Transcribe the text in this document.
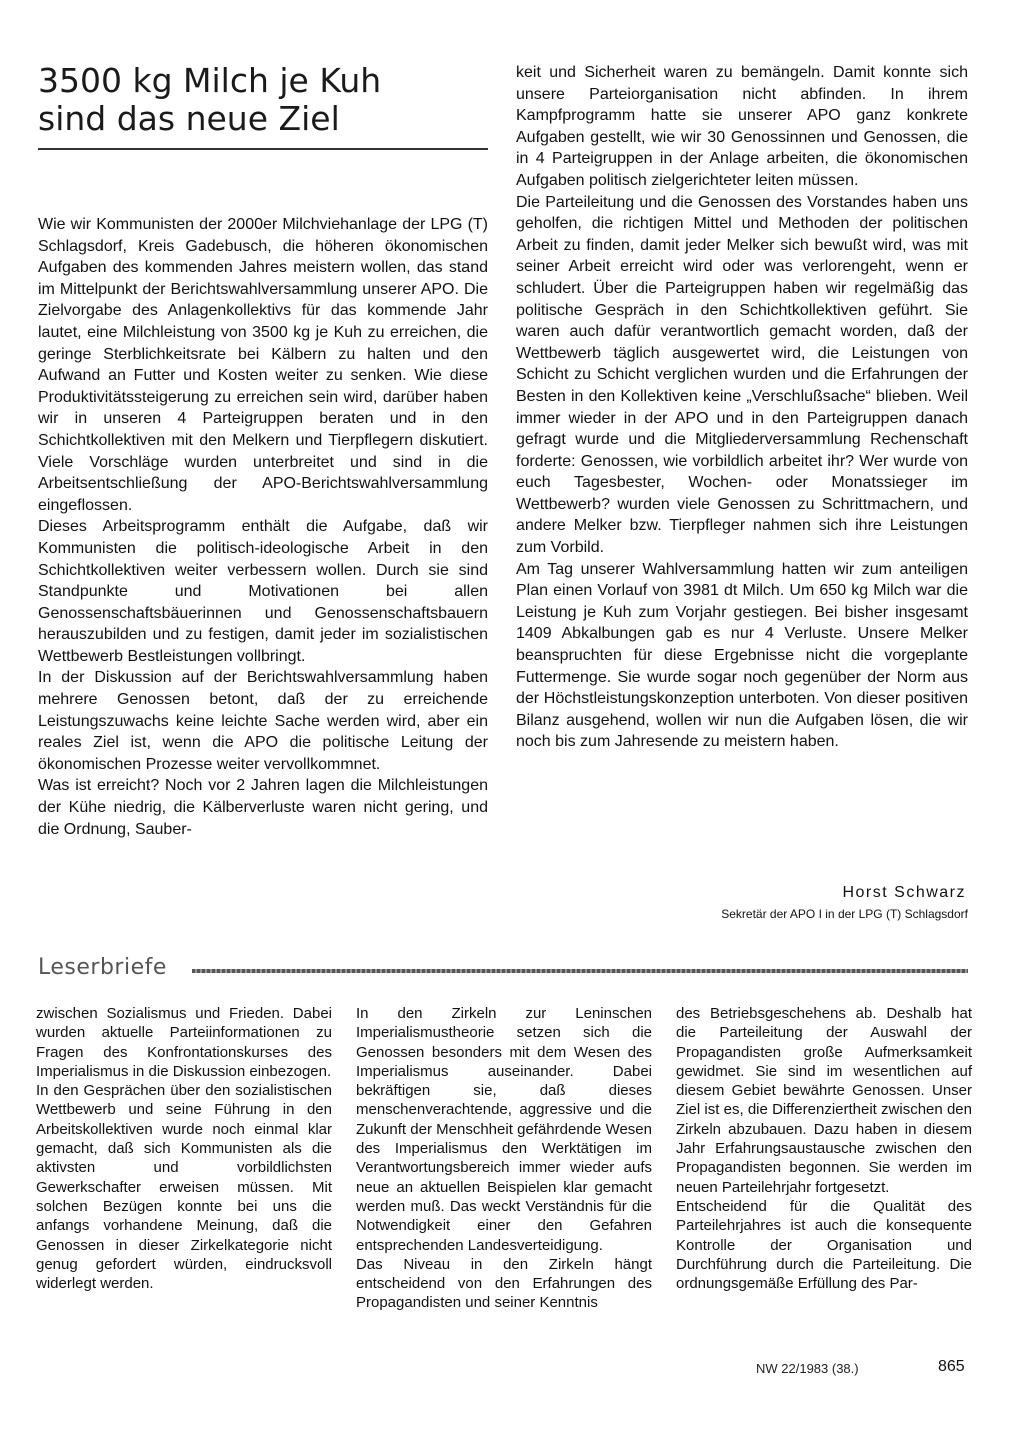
3500 kg Milch je Kuh
sind das neue Ziel

Wie wir Kommunisten der 2000er Milchviehanlage der LPG (T) Schlagsdorf, Kreis Gadebusch, die höheren ökonomischen Aufgaben des kommenden Jahres meistern wollen, das stand im Mittelpunkt der Berichtswahlversammlung unserer APO. Die Zielvorgabe des Anlagenkollektivs für das kommende Jahr lautet, eine Milchleistung von 3500 kg je Kuh zu erreichen, die geringe Sterblichkeitsrate bei Kälbern zu halten und den Aufwand an Futter und Kosten weiter zu senken. Wie diese Produktivitätssteigerung zu erreichen sein wird, darüber haben wir in unseren 4 Parteigruppen beraten und in den Schichtkollektiven mit den Melkern und Tierpflegern diskutiert. Viele Vorschläge wurden unterbreitet und sind in die Arbeitsentschließung der APO-Berichtswahlversammlung eingeflossen.

Dieses Arbeitsprogramm enthält die Aufgabe, daß wir Kommunisten die politisch-ideologische Arbeit in den Schichtkollektiven weiter verbessern wollen. Durch sie sind Standpunkte und Motivationen bei allen Genossenschaftsbäuerinnen und Genossenschaftsbauern herauszubilden und zu festigen, damit jeder im sozialistischen Wettbewerb Bestleistungen vollbringt.

In der Diskussion auf der Berichtswahlversammlung haben mehrere Genossen betont, daß der zu erreichende Leistungszuwachs keine leichte Sache werden wird, aber ein reales Ziel ist, wenn die APO die politische Leitung der ökonomischen Prozesse weiter vervollkommnet.

Was ist erreicht? Noch vor 2 Jahren lagen die Milchleistungen der Kühe niedrig, die Kälberverluste waren nicht gering, und die Ordnung, Sauber-

keit und Sicherheit waren zu bemängeln. Damit konnte sich unsere Parteiorganisation nicht abfinden. In ihrem Kampfprogramm hatte sie unserer APO ganz konkrete Aufgaben gestellt, wie wir 30 Genossinnen und Genossen, die in 4 Parteigruppen in der Anlage arbeiten, die ökonomischen Aufgaben politisch zielgerichteter leiten müssen.

Die Parteileitung und die Genossen des Vorstandes haben uns geholfen, die richtigen Mittel und Methoden der politischen Arbeit zu finden, damit jeder Melker sich bewußt wird, was mit seiner Arbeit erreicht wird oder was verlorengeht, wenn er schludert. Über die Parteigruppen haben wir regelmäßig das politische Gespräch in den Schichtkollektiven geführt. Sie waren auch dafür verantwortlich gemacht worden, daß der Wettbewerb täglich ausgewertet wird, die Leistungen von Schicht zu Schicht verglichen wurden und die Erfahrungen der Besten in den Kollektiven keine „Verschlußsache“ blieben. Weil immer wieder in der APO und in den Parteigruppen danach gefragt wurde und die Mitgliederversammlung Rechenschaft forderte: Genossen, wie vorbildlich arbeitet ihr? Wer wurde von euch Tagesbester, Wochen- oder Monatssieger im Wettbewerb? wurden viele Genossen zu Schrittmachern, und andere Melker bzw. Tierpfleger nahmen sich ihre Leistungen zum Vorbild.

Am Tag unserer Wahlversammlung hatten wir zum anteiligen Plan einen Vorlauf von 3981 dt Milch. Um 650 kg Milch war die Leistung je Kuh zum Vorjahr gestiegen. Bei bisher insgesamt 1409 Abkalbungen gab es nur 4 Verluste. Unsere Melker beanspruchten für diese Ergebnisse nicht die vorgeplante Futtermenge. Sie wurde sogar noch gegenüber der Norm aus der Höchstleistungskonzeption unterboten. Von dieser positiven Bilanz ausgehend, wollen wir nun die Aufgaben lösen, die wir noch bis zum Jahresende zu meistern haben.

Horst Schwarz
Sekretär der APO I in der LPG (T) Schlagsdorf
Leserbriefe

zwischen Sozialismus und Frieden. Dabei wurden aktuelle Parteiinformationen zu Fragen des Konfrontationskurses des Imperialismus in die Diskussion einbezogen.

In den Gesprächen über den sozialistischen Wettbewerb und seine Führung in den Arbeitskollektiven wurde noch einmal klar gemacht, daß sich Kommunisten als die aktivsten und vorbildlichsten Gewerkschafter erweisen müssen. Mit solchen Bezügen konnte bei uns die anfangs vorhandene Meinung, daß die Genossen in dieser Zirkelkategorie nicht genug gefordert würden, eindrucksvoll widerlegt werden.

In den Zirkeln zur Leninschen Imperialismustheorie setzen sich die Genossen besonders mit dem Wesen des Imperialismus auseinander. Dabei bekräftigen sie, daß dieses menschenverachtende, aggressive und die Zukunft der Menschheit gefährdende Wesen des Imperialismus den Werktätigen im Verantwortungsbereich immer wieder aufs neue an aktuellen Beispielen klar gemacht werden muß. Das weckt Verständnis für die Notwendigkeit einer den Gefahren entsprechenden Landesverteidigung.

Das Niveau in den Zirkeln hängt entscheidend von den Erfahrungen des Propagandisten und seiner Kenntnis

des Betriebsgeschehens ab. Deshalb hat die Parteileitung der Auswahl der Propagandisten große Aufmerksamkeit gewidmet. Sie sind im wesentlichen auf diesem Gebiet bewährte Genossen. Unser Ziel ist es, die Differenziertheit zwischen den Zirkeln abzubauen. Dazu haben in diesem Jahr Erfahrungsaustausche zwischen den Propagandisten begonnen. Sie werden im neuen Parteilehrjahr fortgesetzt.

Entscheidend für die Qualität des Parteilehrjahres ist auch die konsequente Kontrolle der Organisation und Durchführung durch die Parteileitung. Die ordnungsgemäße Erfüllung des Par-

NW 22/1983 (38.)	865
